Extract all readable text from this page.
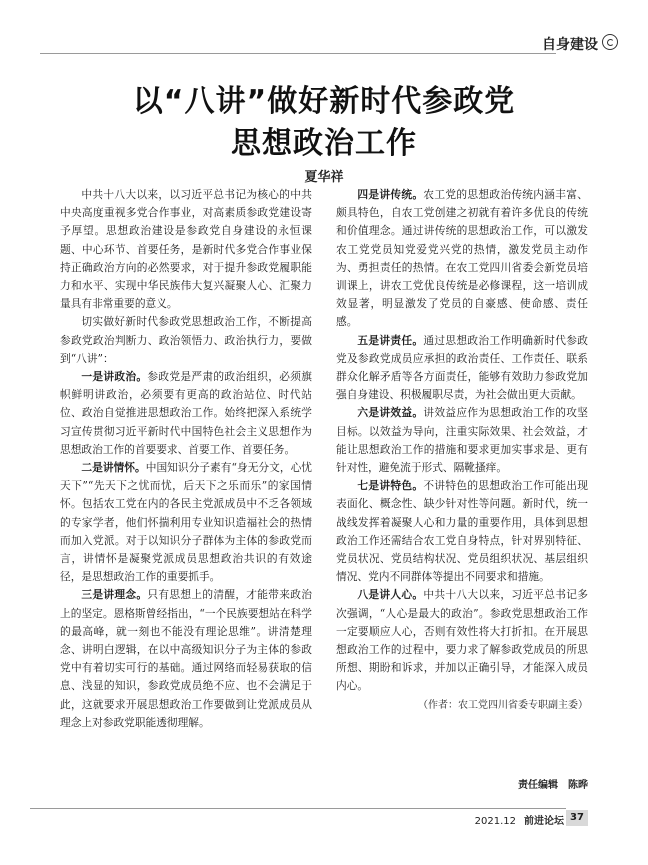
自身建设
以“八讲”做好新时代参政党
思想政治工作
夏华祥

中共十八大以来，以习近平总书记为核心的中共中央高度重视多党合作事业，对高素质参政党建设寄予厚望。思想政治建设是参政党自身建设的永恒课题、中心环节、首要任务，是新时代多党合作事业保持正确政治方向的必然要求，对于提升参政党履职能力和水平、实现中华民族伟大复兴凝聚人心、汇聚力量具有非常重要的意义。

切实做好新时代参政党思想政治工作，不断提高参政党政治判断力、政治领悟力、政治执行力，要做到“八讲”：

一是讲政治。参政党是严肃的政治组织，必须旗帜鲜明讲政治，必须要有更高的政治站位、时代站位、政治自觉推进思想政治工作。始终把深入系统学习宣传贯彻习近平新时代中国特色社会主义思想作为思想政治工作的首要要求、首要工作、首要任务。

二是讲情怀。中国知识分子素有“身无分文，心忧天下”“先天下之忧而忧，后天下之乐而乐”的家国情怀。包括农工党在内的各民主党派成员中不乏各领域的专家学者，他们怀揣利用专业知识造福社会的热情而加入党派。对于以知识分子群体为主体的参政党而言，讲情怀是凝聚党派成员思想政治共识的有效途径，是思想政治工作的重要抓手。

三是讲理念。只有思想上的清醒，才能带来政治上的坚定。恩格斯曾经指出，“一个民族要想站在科学的最高峰，就一刻也不能没有理论思维”。讲清楚理念、讲明白逻辑，在以中高级知识分子为主体的参政党中有着切实可行的基础。通过网络而轻易获取的信息、浅显的知识，参政党成员绝不应、也不会满足于此，这就要求开展思想政治工作要做到让党派成员从理念上对参政党职能透彻理解。

四是讲传统。农工党的思想政治传统内涵丰富、颇具特色，自农工党创建之初就有着许多优良的传统和价值理念。通过讲传统的思想政治工作，可以激发农工党党员知党爱党兴党的热情，激发党员主动作为、勇担责任的热情。在农工党四川省委会新党员培训课上，讲农工党优良传统是必修课程，这一培训成效显著，明显激发了党员的自豪感、使命感、责任感。

五是讲责任。通过思想政治工作明确新时代参政党及参政党成员应承担的政治责任、工作责任、联系群众化解矛盾等各方面责任，能够有效助力参政党加强自身建设、积极履职尽责，为社会做出更大贡献。

六是讲效益。讲效益应作为思想政治工作的攻坚目标。以效益为导向，注重实际效果、社会效益，才能让思想政治工作的措施和要求更加实事求是、更有针对性，避免流于形式、隔靴搔痒。

七是讲特色。不讲特色的思想政治工作可能出现表面化、概念性、缺少针对性等问题。新时代，统一战线发挥着凝聚人心和力量的重要作用，具体到思想政治工作还需结合农工党自身特点，针对界别特征、党员状况、党员结构状况、党员组织状况、基层组织情况、党内不同群体等提出不同要求和措施。

八是讲人心。中共十八大以来，习近平总书记多次强调，“人心是最大的政治”。参政党思想政治工作一定要顺应人心，否则有效性将大打折扣。在开展思想政治工作的过程中，要力求了解参政党成员的所思所想、期盼和诉求，并加以正确引导，才能深入成员内心。

（作者：农工党四川省委专职副主委）
责任编辑　陈晔
2021.12 前进论坛 37
